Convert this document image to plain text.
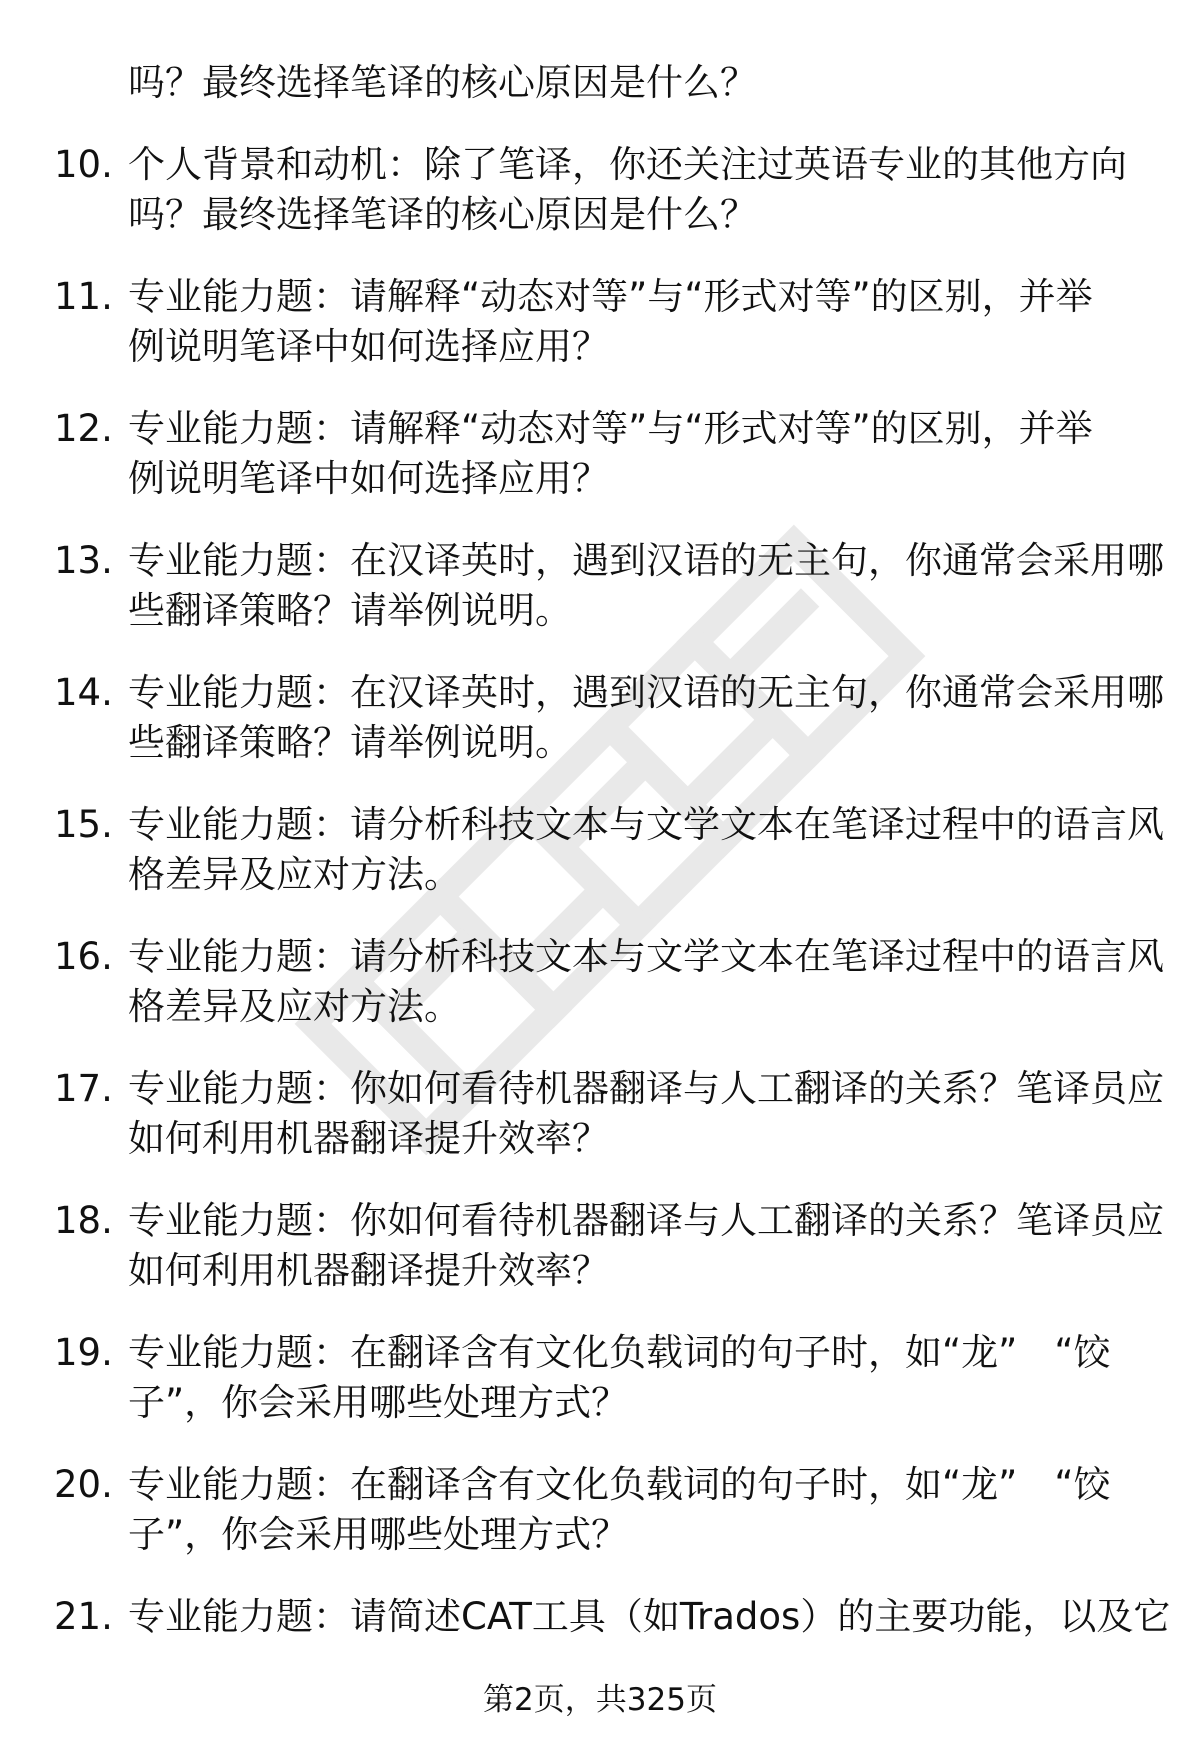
吗？最终选择笔译的核心原因是什么？
10. 个人背景和动机：除了笔译，你还关注过英语专业的其他方向
吗？最终选择笔译的核心原因是什么？
11. 专业能力题：请解释“动态对等”与“形式对等”的区别，并举
例说明笔译中如何选择应用？
12. 专业能力题：请解释“动态对等”与“形式对等”的区别，并举
例说明笔译中如何选择应用？
13. 专业能力题：在汉译英时，遇到汉语的无主句，你通常会采用哪
些翻译策略？请举例说明。
14. 专业能力题：在汉译英时，遇到汉语的无主句，你通常会采用哪
些翻译策略？请举例说明。
15. 专业能力题：请分析科技文本与文学文本在笔译过程中的语言风
格差异及应对方法。
16. 专业能力题：请分析科技文本与文学文本在笔译过程中的语言风
格差异及应对方法。
17. 专业能力题：你如何看待机器翻译与人工翻译的关系？笔译员应
如何利用机器翻译提升效率？
18. 专业能力题：你如何看待机器翻译与人工翻译的关系？笔译员应
如何利用机器翻译提升效率？
19. 专业能力题：在翻译含有文化负载词的句子时，如“龙”　“饺
子”，你会采用哪些处理方式？
20. 专业能力题：在翻译含有文化负载词的句子时，如“龙”　“饺
子”，你会采用哪些处理方式？
21. 专业能力题：请简述CAT工具（如Trados）的主要功能，以及它
第2页，共325页
